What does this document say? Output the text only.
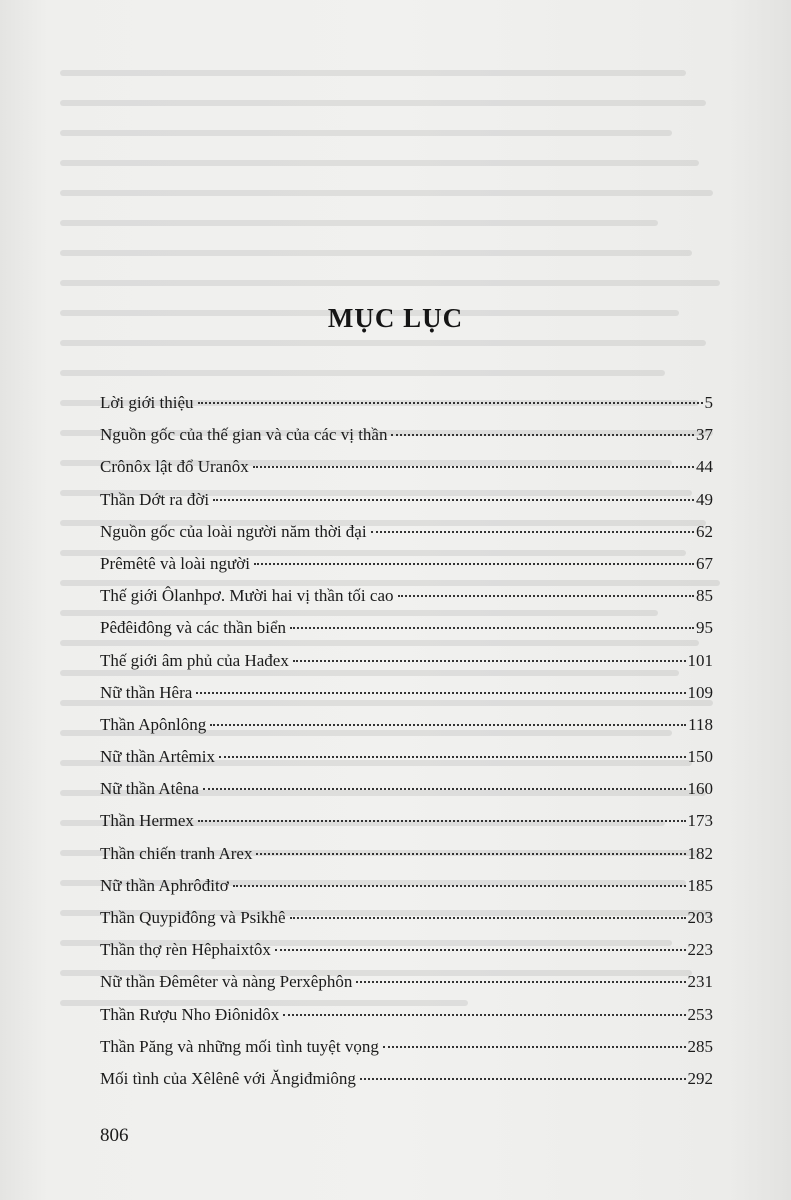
MỤC LỤC
Lời giới thiệu	5
Nguồn gốc của thế gian và của các vị thần	37
Crônôx lật đổ Uranôx	44
Thần Dớt ra đời	49
Nguồn gốc của loài người năm thời đại	62
Prêmêtê và loài người	67
Thế giới Ôlanhpơ. Mười hai vị thần tối cao	85
Pêđêiđông và các thần biển	95
Thế giới âm phủ của Hađex	101
Nữ thần Hêra	109
Thần Apônlông	118
Nữ thần Artêmix	150
Nữ thần Atêna	160
Thần Hermex	173
Thần chiến tranh Arex	182
Nữ thần Aphrôđitơ	185
Thần Quypiđông và Psikhê	203
Thần thợ rèn Hêphaixtôx	223
Nữ thần Đêmêter và nàng Perxêphôn	231
Thần Rượu Nho Điônidôx	253
Thần Păng và những mối tình tuyệt vọng	285
Mối tình của Xêlênê với Ăngiđmiông	292
806
